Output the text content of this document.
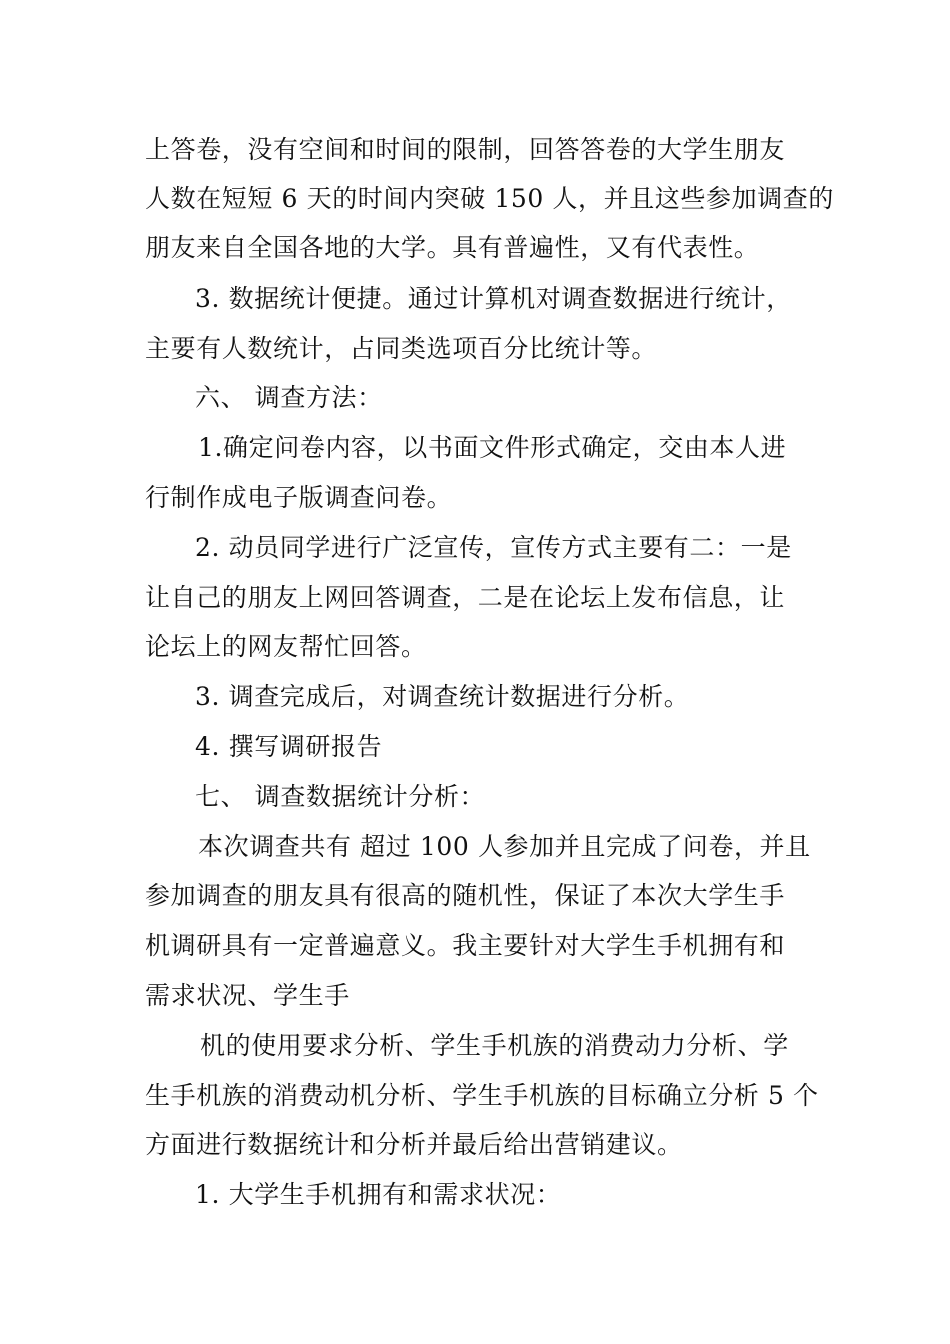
上答卷，没有空间和时间的限制，回答答卷的大学生朋友
人数在短短 6 天的时间内突破 150 人，并且这些参加调查的
朋友来自全国各地的大学。具有普遍性，又有代表性。
3. 数据统计便捷。通过计算机对调查数据进行统计，
主要有人数统计，占同类选项百分比统计等。
六、 调查方法：
1.确定问卷内容，以书面文件形式确定，交由本人进
行制作成电子版调查问卷。
2. 动员同学进行广泛宣传，宣传方式主要有二：一是
让自己的朋友上网回答调查，二是在论坛上发布信息，让
论坛上的网友帮忙回答。
3. 调查完成后，对调查统计数据进行分析。
4. 撰写调研报告
七、 调查数据统计分析：
本次调查共有 超过 100 人参加并且完成了问卷，并且
参加调查的朋友具有很高的随机性，保证了本次大学生手
机调研具有一定普遍意义。我主要针对大学生手机拥有和
需求状况、学生手
机的使用要求分析、学生手机族的消费动力分析、学
生手机族的消费动机分析、学生手机族的目标确立分析 5 个
方面进行数据统计和分析并最后给出营销建议。
1. 大学生手机拥有和需求状况：
